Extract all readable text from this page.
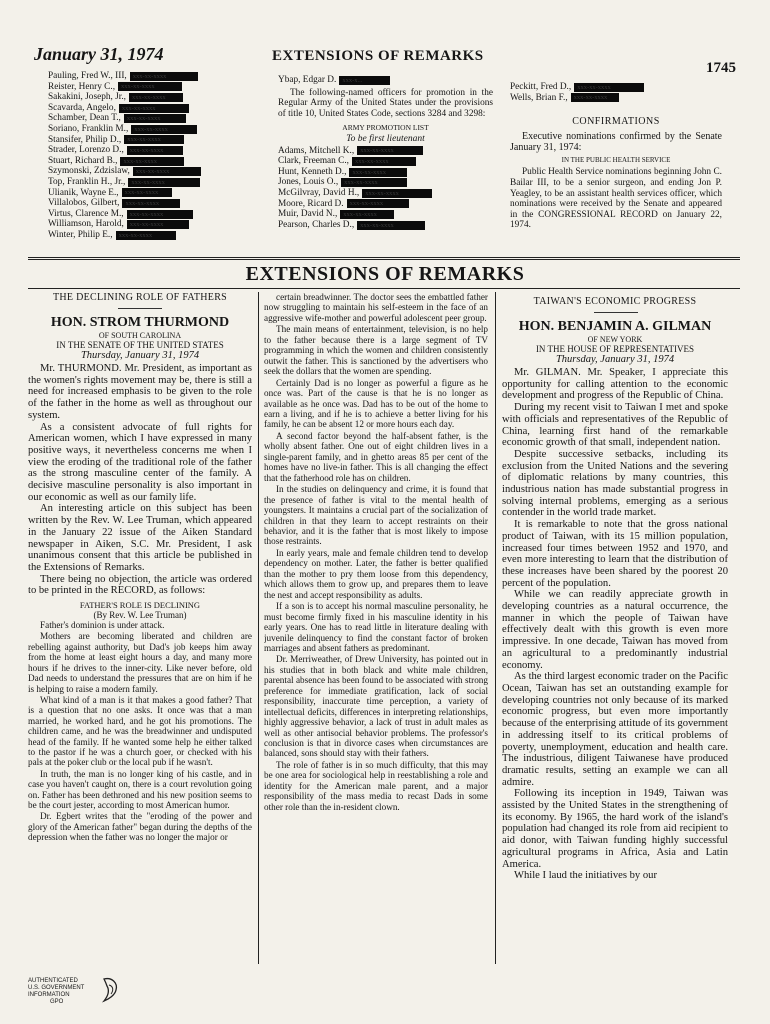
January 31, 1974	EXTENSIONS OF REMARKS
1745
Pauling, Fred W., III, xxx-xx-xxxx
Reister, Henry C., xxx-xx-xxxx
Sakakini, Joseph, Jr., xxx-xx-xxxx
Scavarda, Angelo, xxx-xx-xxxx
Schamber, Dean T., xxx-xx-xxxx
Soriano, Franklin M., xxx-xx-xxxx
Stansifer, Philip D., xxx-xx-xxxx
Strader, Lorenzo D., xxx-xx-xxxx
Stuart, Richard B., xxx-xx-xxxx
Szymonski, Zdzislaw, xxx-xx-xxxx
Top, Franklin H., Jr., xxx-xx-xxxx
Ulianik, Wayne E., xxx-xx-xxxx
Villalobos, Gilbert, xxx-xx-xxxx
Virtus, Clarence M., xxx-xx-xxxx
Williamson, Harold, xxx-xx-xxxx
Winter, Philip E., xxx-xx-xxxx
Ybap, Edgar D. xxx-x...

The following-named officers for promotion in the Regular Army of the United States under the provisions of title 10, United States Code, sections 3284 and 3298:

ARMY PROMOTION LIST
To be first lieutenant
Adams, Mitchell K., xxx-xx-xxxx
Clark, Freeman C., xxx-xx-xxxx
Hunt, Kenneth D., xxx-xx-xxxx
Jones, Louis O., xxx-xx-xxxx
McGilvray, David H., xxx-xx-xxxx
Moore, Ricard D. xxx-xx-xxxx
Muir, David N., xxx-xx-xxxx
Pearson, Charles D., xxx-xx-xxxx
Peckitt, Fred D., xxx-xx-xxxx
Wells, Brian F., xxx-xx-xxxx
CONFIRMATIONS

Executive nominations confirmed by the Senate January 31, 1974:

IN THE PUBLIC HEALTH SERVICE

Public Health Service nominations beginning John C. Bailar III, to be a senior surgeon, and ending Jon P. Yeagley, to be an assistant health services officer, which nominations were received by the Senate and appeared in the CONGRESSIONAL RECORD on January 22, 1974.

EXTENSIONS OF REMARKS
THE DECLINING ROLE OF FATHERS
HON. STROM THURMOND
OF SOUTH CAROLINA
IN THE SENATE OF THE UNITED STATES
Thursday, January 31, 1974

Mr. THURMOND. Mr. President, as important as the women's rights movement may be, there is still a need for increased emphasis to be given to the role of the father in the home as well as throughout our system.

As a consistent advocate of full rights for American women, which I have expressed in many positive ways, it nevertheless concerns me when I view the eroding of the traditional role of the father as the strong masculine center of the family. A decisive masculine personality is also important in our economic as well as our family life.

An interesting article on this subject has been written by the Rev. W. Lee Truman, which appeared in the January 22 issue of the Aiken Standard newspaper in Aiken, S.C. Mr. President, I ask unanimous consent that this article be published in the Extensions of Remarks.

There being no objection, the article was ordered to be printed in the RECORD, as follows:

FATHER'S ROLE IS DECLINING
(By Rev. W. Lee Truman)

Father's dominion is under attack.

Mothers are becoming liberated and children are rebelling against authority, but Dad's job keeps him away from the home at least eight hours a day, and many more hours if he drives to the inner-city. Like never before, old Dad needs to understand the pressures that are on him if he is helping to raise a modern family.

What kind of a man is it that makes a good father? That is a question that no one asks. It once was that a man married, he worked hard, and he got his promotions. The children came, and he was the breadwinner and undisputed head of the family. If he wanted some help he either talked to the pastor if he was a church goer, or checked with his pals at the poker club or the local pub if he wasn't.

In truth, the man is no longer king of his castle, and in case you haven't caught on, there is a court revolution going on. Father has been dethroned and his new position seems to be the court jester, according to most American humor.

Dr. Egbert writes that the "eroding of the power and glory of the American father" began during the depths of the depression when the father was no longer the major or

certain breadwinner. The doctor sees the embattled father now struggling to maintain his self-esteem in the face of an aggressive wife-mother and powerful adolescent peer group.

The main means of entertainment, television, is no help to the father because there is a large segment of TV programming in which the women and children consistently outwit the father. This is sanctioned by the advertisers who seek the dollars that the women are spending.

Certainly Dad is no longer as powerful a figure as he once was. Part of the cause is that he is no longer as available as he once was. Dad has to be out of the home to earn a living, and if he is to achieve a better living for his family, he can be absent 12 or more hours each day.

A second factor beyond the half-absent father, is the wholly absent father. One out of eight children lives in a single-parent family, and in ghetto areas 85 per cent of the homes have no live-in father. This is all changing the effect that the fatherhood role has on children.

In the studies on delinquency and crime, it is found that the presence of father is vital to the mental health of youngsters. It maintains a crucial part of the socialization of children in that they learn to accept restraints on their behavior, and it is the father that is most likely to impose those restraints.

In early years, male and female children tend to develop dependency on mother. Later, the father is better qualified than the mother to pry them loose from this dependency, which allows them to grow up, and prepares them to leave the nest and accept responsibility as adults.

If a son is to accept his normal masculine personality, he must become firmly fixed in his masculine identity in his early years. One has to read little in literature dealing with juvenile delinquency to find the constant factor of broken marriages and absent fathers as predominant.

Dr. Merriweather, of Drew University, has pointed out in his studies that in both black and white male children, parental absence has been found to be associated with strong preference for immediate gratification, lack of social responsibility, inaccurate time perception, a variety of intellectual deficits, differences in interpreting relationships, highly aggressive behavior, a lack of trust in adult males as well as other antisocial behavior problems. The professor's conclusion is that in divorce cases when circumstances are balanced, sons should stay with their fathers.

The role of father is in so much difficulty, that this may be one area for sociological help in reestablishing a role and identity for the American male parent, and a major responsibility of the mass media to recast Dads in some other role than the in-resident clown.

TAIWAN'S ECONOMIC PROGRESS
HON. BENJAMIN A. GILMAN
OF NEW YORK
IN THE HOUSE OF REPRESENTATIVES
Thursday, January 31, 1974

Mr. GILMAN. Mr. Speaker, I appreciate this opportunity for calling attention to the economic development and progress of the Republic of China.

During my recent visit to Taiwan I met and spoke with officials and representatives of the Republic of China, learning first hand of the remarkable economic growth of that small, independent nation.

Despite successive setbacks, including its exclusion from the United Nations and the severing of diplomatic relations by many countries, this industrious nation has made substantial progress in solving internal problems, emerging as a serious contender in the world trade market.

It is remarkable to note that the gross national product of Taiwan, with its 15 million population, increased four times between 1952 and 1970, and even more interesting to learn that the distribution of these increases have been shared by the poorest 20 percent of the population.

While we can readily appreciate growth in developing countries as a natural occurrence, the manner in which the people of Taiwan have effectively dealt with this growth is even more impressive. In one decade, Taiwan has moved from an agricultural to a predominantly industrial economy.

As the third largest economic trader on the Pacific Ocean, Taiwan has set an outstanding example for developing countries not only because of its marked economic progress, but even more importantly because of the enterprising attitude of its government in addressing itself to its critical problems of poverty, unemployment, education and health care. The industrious, diligent Taiwanese have produced dramatic results, setting an example we can all admire.

Following its inception in 1949, Taiwan was assisted by the United States in the strengthening of its economy. By 1965, the hard work of the island's population had changed its role from aid recipient to aid donor, with Taiwan funding highly successful agricultural programs in Africa, Asia and Latin America.

While I laud the initiatives by our

AUTHENTICATED
U.S. GOVERNMENT
INFORMATION
GPO
